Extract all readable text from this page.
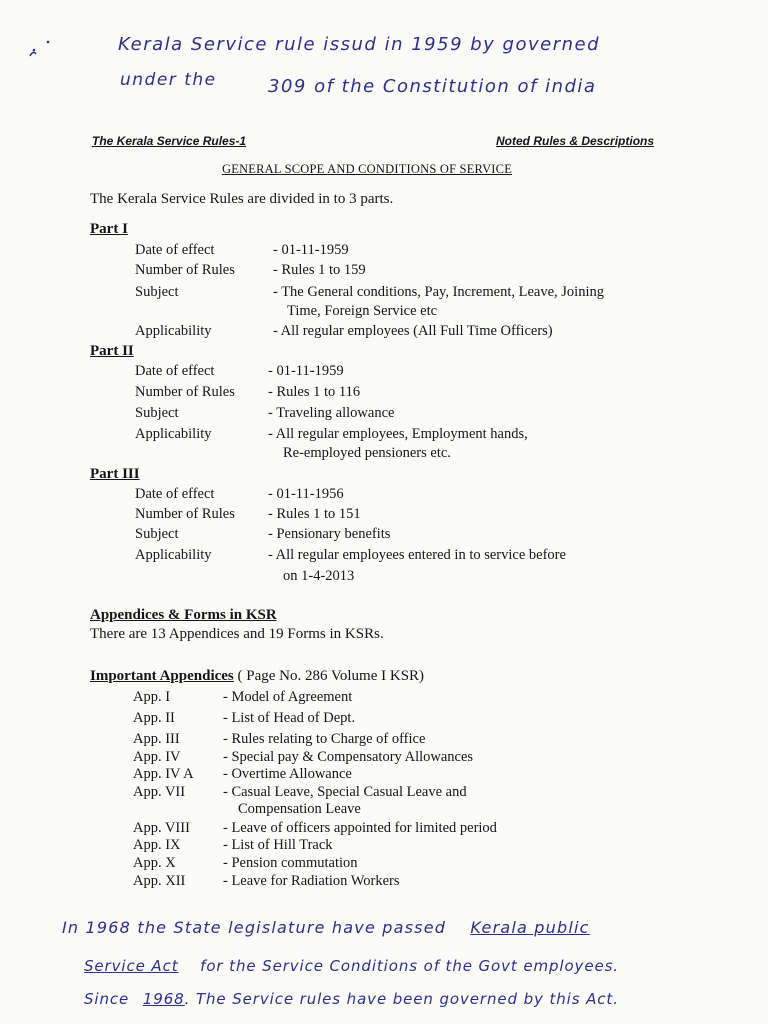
Kerala Service rule issud in 1959 by governed
under the	309 of the Constitution of india
The Kerala Service Rules-1	Noted Rules & Descriptions
GENERAL SCOPE AND CONDITIONS OF SERVICE
The Kerala Service Rules are divided in to 3 parts.
Part I
Date of effect	- 01-11-1959
Number of Rules	- Rules 1 to 159
Subject	- The General conditions, Pay, Increment, Leave, Joining
Time, Foreign Service etc
Applicability	- All regular employees (All Full Time Officers)
Part II
Date of effect	- 01-11-1959
Number of Rules - Rules 1 to 116
Subject	- Traveling allowance
Applicability	- All regular employees, Employment hands,
Re-employed pensioners etc.
Part III
Date of effect	- 01-11-1956
Number of Rules - Rules 1 to 151
Subject	- Pensionary benefits
Applicability	- All regular employees entered in to service before
on 1-4-2013
Appendices & Forms in KSR
There are 13 Appendices and 19 Forms in KSRs.
Important Appendices ( Page No. 286 Volume I KSR)
App. I	- Model of Agreement
App. II	- List of Head of Dept.
App. III	- Rules relating to Charge of office
App. IV	- Special pay & Compensatory Allowances
App. IV A - Overtime Allowance
App. VII	- Casual Leave, Special Casual Leave and
Compensation Leave
App. VIII - Leave of officers appointed for limited period
App. IX	- List of Hill Track
App. X	- Pension commutation
App. XII	- Leave for Radiation Workers
In 1968 the State legislature have passed Kerala public
Service Act for the Service Conditions of the Govt employees.
Since 1968. The Service rules have been governed by this Act.
